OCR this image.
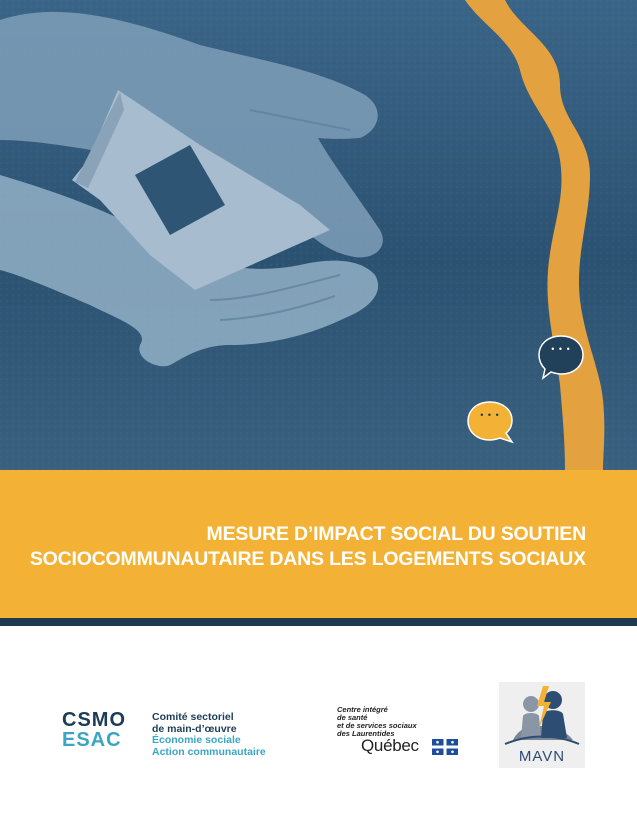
• • •
• • •
MESURE D’IMPACT SOCIAL DU SOUTIEN
SOCIOCOMMUNAUTAIRE DANS LES LOGEMENTS SOCIAUX
CSMO
ESAC
Comité sectoriel
de main-d’œuvre
Économie sociale
Action communautaire
Centre intégré
de santé
et de services sociaux
des Laurentides
Québec
MAVN
